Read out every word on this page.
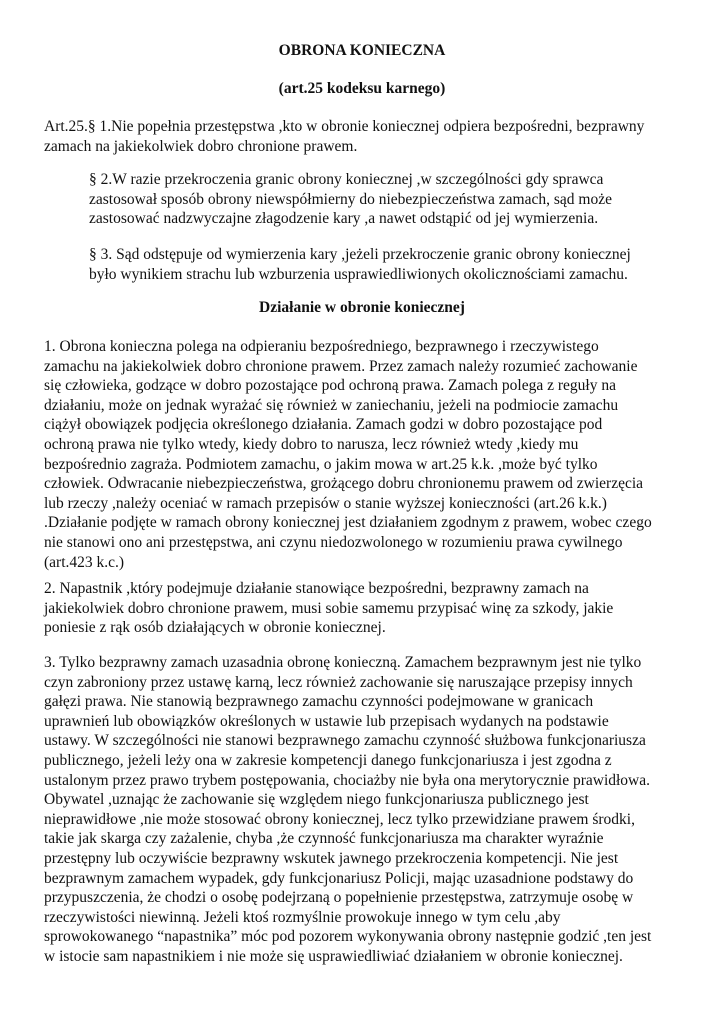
OBRONA KONIECZNA
(art.25 kodeksu karnego)

Art.25.§ 1.Nie popełnia przestępstwa ,kto w obronie koniecznej odpiera bezpośredni, bezprawny
zamach na jakiekolwiek dobro chronione prawem.

§ 2.W razie przekroczenia granic obrony koniecznej ,w szczególności gdy sprawca
zastosował sposób obrony niewspółmierny do niebezpieczeństwa zamach, sąd może
zastosować nadzwyczajne złagodzenie kary ,a nawet odstąpić od jej wymierzenia.

§ 3. Sąd odstępuje od wymierzenia kary ,jeżeli przekroczenie granic obrony koniecznej
było wynikiem strachu lub wzburzenia usprawiedliwionych okolicznościami zamachu.

Działanie w obronie koniecznej

1. Obrona konieczna polega na odpieraniu bezpośredniego, bezprawnego i rzeczywistego
zamachu na jakiekolwiek dobro chronione prawem. Przez zamach należy rozumieć zachowanie
się człowieka, godzące w dobro pozostające pod ochroną prawa. Zamach polega z reguły na
działaniu, może on jednak wyrażać się również w zaniechaniu, jeżeli na podmiocie zamachu
ciążył obowiązek podjęcia określonego działania. Zamach godzi w dobro pozostające pod
ochroną prawa nie tylko wtedy, kiedy dobro to narusza, lecz również wtedy ,kiedy mu
bezpośrednio zagraża. Podmiotem zamachu, o jakim mowa w art.25 k.k. ,może być tylko
człowiek. Odwracanie niebezpieczeństwa, grożącego dobru chronionemu prawem od zwierzęcia
lub rzeczy ,należy oceniać w ramach przepisów o stanie wyższej konieczności (art.26 k.k.)
.Działanie podjęte w ramach obrony koniecznej jest działaniem zgodnym z prawem, wobec czego
nie stanowi ono ani przestępstwa, ani czynu niedozwolonego w rozumieniu prawa cywilnego
(art.423 k.c.)

2. Napastnik ,który podejmuje działanie stanowiące bezpośredni, bezprawny zamach na
jakiekolwiek dobro chronione prawem, musi sobie samemu przypisać winę za szkody, jakie
poniesie z rąk osób działających w obronie koniecznej.

3. Tylko bezprawny zamach uzasadnia obronę konieczną. Zamachem bezprawnym jest nie tylko
czyn zabroniony przez ustawę karną, lecz również zachowanie się naruszające przepisy innych
gałęzi prawa. Nie stanowią bezprawnego zamachu czynności podejmowane w granicach
uprawnień lub obowiązków określonych w ustawie lub przepisach wydanych na podstawie
ustawy. W szczególności nie stanowi bezprawnego zamachu czynność służbowa funkcjonariusza
publicznego, jeżeli leży ona w zakresie kompetencji danego funkcjonariusza i jest zgodna z
ustalonym przez prawo trybem postępowania, chociażby nie była ona merytorycznie prawidłowa.
Obywatel ,uznając że zachowanie się względem niego funkcjonariusza publicznego jest
nieprawidłowe ,nie może stosować obrony koniecznej, lecz tylko przewidziane prawem środki,
takie jak skarga czy zażalenie, chyba ,że czynność funkcjonariusza ma charakter wyraźnie
przestępny lub oczywiście bezprawny wskutek jawnego przekroczenia kompetencji. Nie jest
bezprawnym zamachem wypadek, gdy funkcjonariusz Policji, mając uzasadnione podstawy do
przypuszczenia, że chodzi o osobę podejrzaną o popełnienie przestępstwa, zatrzymuje osobę w
rzeczywistości niewinną. Jeżeli ktoś rozmyślnie prowokuje innego w tym celu ,aby
sprowokowanego “napastnika” móc pod pozorem wykonywania obrony następnie godzić ,ten jest
w istocie sam napastnikiem i nie może się usprawiedliwiać działaniem w obronie koniecznej.
